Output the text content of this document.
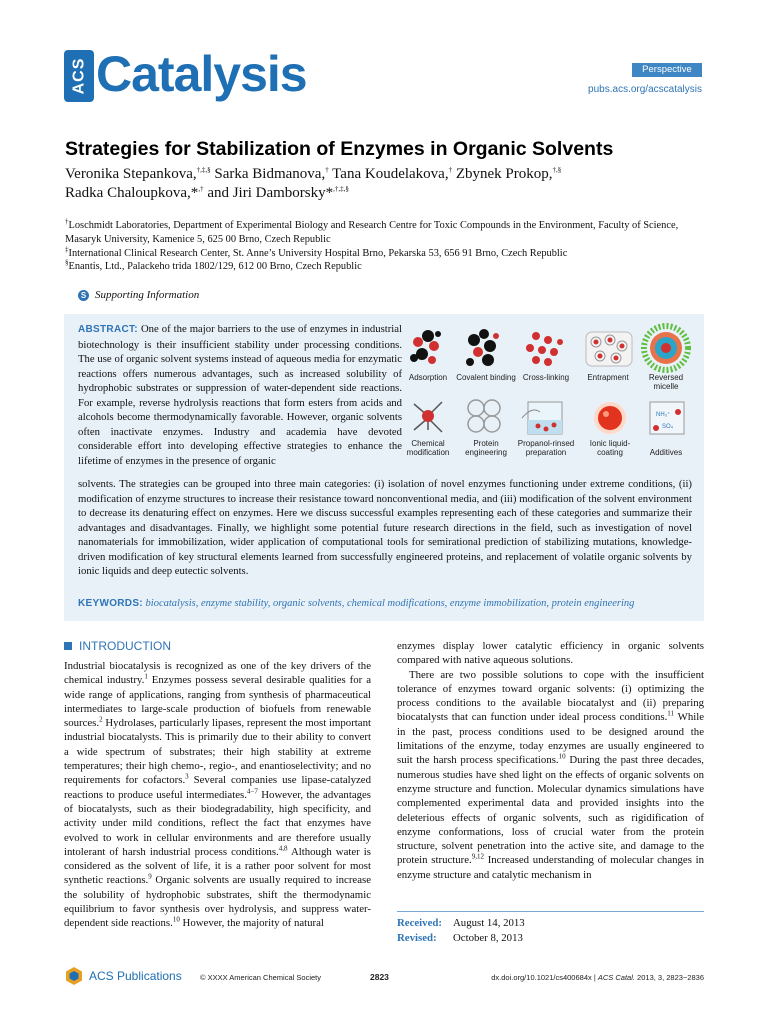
ACS Catalysis	Perspective
pubs.acs.org/acscatalysis
Strategies for Stabilization of Enzymes in Organic Solvents
Veronika Stepankova,†,‡,§ Sarka Bidmanova,† Tana Koudelakova,† Zbynek Prokop,†,§
Radka Chaloupkova,*,† and Jiri Damborsky*,†,‡,§
†Loschmidt Laboratories, Department of Experimental Biology and Research Centre for Toxic Compounds in the Environment, Faculty of Science, Masaryk University, Kamenice 5, 625 00 Brno, Czech Republic
‡International Clinical Research Center, St. Anne’s University Hospital Brno, Pekarska 53, 656 91 Brno, Czech Republic
§Enantis, Ltd., Palackeho trida 1802/129, 612 00 Brno, Czech Republic
S Supporting Information
ABSTRACT: One of the major barriers to the use of enzymes in industrial biotechnology is their insufficient stability under processing conditions. The use of organic solvent systems instead of aqueous media for enzymatic reactions offers numerous advantages, such as increased solubility of hydrophobic substrates or suppression of water-dependent side reactions. For example, reverse hydrolysis reactions that form esters from acids and alcohols become thermodynamically favorable. However, organic solvents often inactivate enzymes. Industry and academia have devoted considerable effort into developing effective strategies to enhance the lifetime of enzymes in the presence of organic
Adsorption Covalent binding Cross-linking Entrapment	Reversed
micelle
NH₃⁺
SO₄
Chemical
modification
Protein
engineering
Propanol-rinsed
preparation
Ionic liquid-
coating	Additives
solvents. The strategies can be grouped into three main categories: (i) isolation of novel enzymes functioning under extreme conditions, (ii) modification of enzyme structures to increase their resistance toward nonconventional media, and (iii) modification of the solvent environment to decrease its denaturing effect on enzymes. Here we discuss successful examples representing each of these categories and summarize their advantages and disadvantages. Finally, we highlight some potential future research directions in the field, such as investigation of novel nanomaterials for immobilization, wider application of computational tools for semirational prediction of stabilizing mutations, knowledge-driven modification of key structural elements learned from successfully engineered proteins, and replacement of volatile organic solvents by ionic liquids and deep eutectic solvents.
KEYWORDS: biocatalysis, enzyme stability, organic solvents, chemical modifications, enzyme immobilization, protein engineering
INTRODUCTION

Industrial biocatalysis is recognized as one of the key drivers of the chemical industry.$^1$ Enzymes possess several desirable qualities for a wide range of applications, ranging from synthesis of pharmaceutical intermediates to large-scale production of biofuels from renewable sources.$^2$ Hydrolases, particularly lipases, represent the most important industrial biocatalysts. This is primarily due to their ability to convert a wide spectrum of substrates; their high stability at extreme temperatures; their high chemo-, regio-, and enantioselectivity; and no requirements for cofactors.$^3$ Several companies use lipase-catalyzed reactions to produce useful intermediates.$^{4-7}$ However, the advantages of biocatalysts, such as their biodegradability, high specificity, and activity under mild conditions, reflect the fact that enzymes have evolved to work in cellular environments and are therefore usually intolerant of harsh industrial process conditions.$^{4,8}$ Although water is considered as the solvent of life, it is a rather poor solvent for most synthetic reactions.$^9$ Organic solvents are usually required to increase the solubility of hydrophobic substrates, shift the thermodynamic equilibrium to favor synthesis over hydrolysis, and suppress water-dependent side reactions.$^{10}$ However, the majority of natural

enzymes display lower catalytic efficiency in organic solvents compared with native aqueous solutions.

There are two possible solutions to cope with the insufficient tolerance of enzymes toward organic solvents: (i) optimizing the process conditions to the available biocatalyst and (ii) preparing biocatalysts that can function under ideal process conditions.$^{11}$ While in the past, process conditions used to be designed around the limitations of the enzyme, today enzymes are usually engineered to suit the harsh process specifications.$^{10}$ During the past three decades, numerous studies have shed light on the effects of organic solvents on enzyme structure and function. Molecular dynamics simulations have complemented experimental data and provided insights into the deleterious effects of organic solvents, such as rigidification of enzyme conformations, loss of crucial water from the protein structure, solvent penetration into the active site, and damage to the protein structure.$^{9,12}$ Increased understanding of molecular changes in enzyme structure and catalytic mechanism in

Received: August 14, 2013
Revised: October 8, 2013
ACS Publications © XXXX American Chemical Society	2823	dx.doi.org/10.1021/cs400684x | ACS Catal. 2013, 3, 2823−2836
